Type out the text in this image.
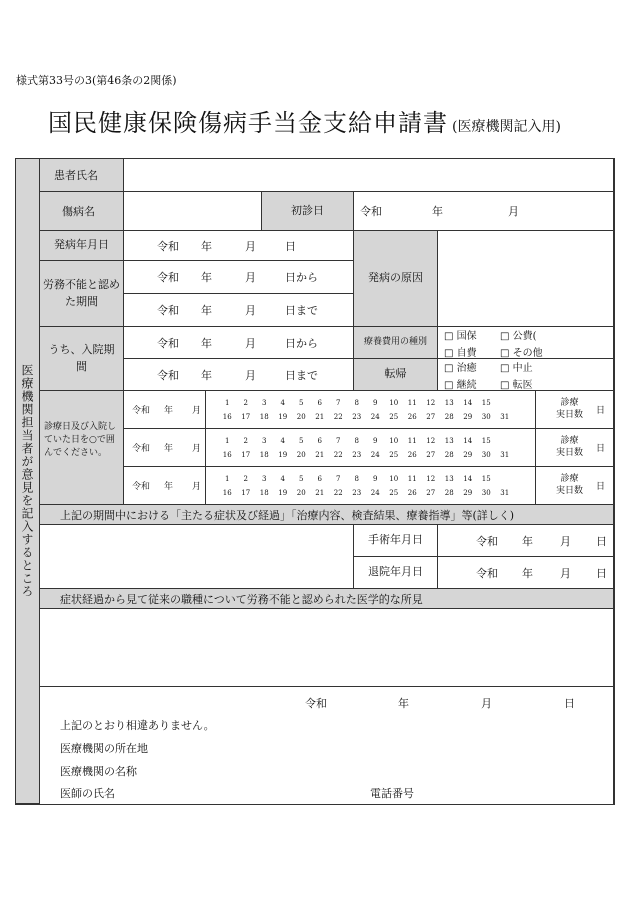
様式第33号の3(第46条の2関係)
国民健康保険傷病手当金支給申請書 (医療機関記入用)
医療機関担当者が意見を記入するところ
患者氏名
傷病名	初診日	令和	年	月
発病年月日	令和	年	月	日
発病の原因
労務不能と認めた期間
令和	年	月	日から
令和	年	月	日まで
うち、入院期間
令和	年	月	日から
令和	年	月	日まで
療養費用の種別
□ 国保	□ 公費(
□ 自費	□ その他
転帰	□ 治癒	□ 中止
□ 継続	□ 転医
診療日及び入院していた日を○で囲んでください。
令和	年	月
1 2 3 4 5 6 7 8 9 10 11 12 13 14 15
16 17 18 19 20 21 22 23 24 25 26 27 28 29 30 31
診療
実日数 日
令和	年	月
1 2 3 4 5 6 7 8 9 10 11 12 13 14 15
16 17 18 19 20 21 22 23 24 25 26 27 28 29 30 31
診療
実日数 日
令和	年	月
1 2 3 4 5 6 7 8 9 10 11 12 13 14 15
16 17 18 19 20 21 22 23 24 25 26 27 28 29 30 31
診療
実日数 日
上記の期間中における「主たる症状及び経過」「治療内容、検査結果、療養指導」等(詳しく)
手術年月日	令和	年	月	日
退院年月日	令和	年	月	日
症状経過から見て従来の職種について労務不能と認められた医学的な所見
令和	年	月	日
上記のとおり相違ありません。
医療機関の所在地
医療機関の名称
医師の氏名	電話番号
